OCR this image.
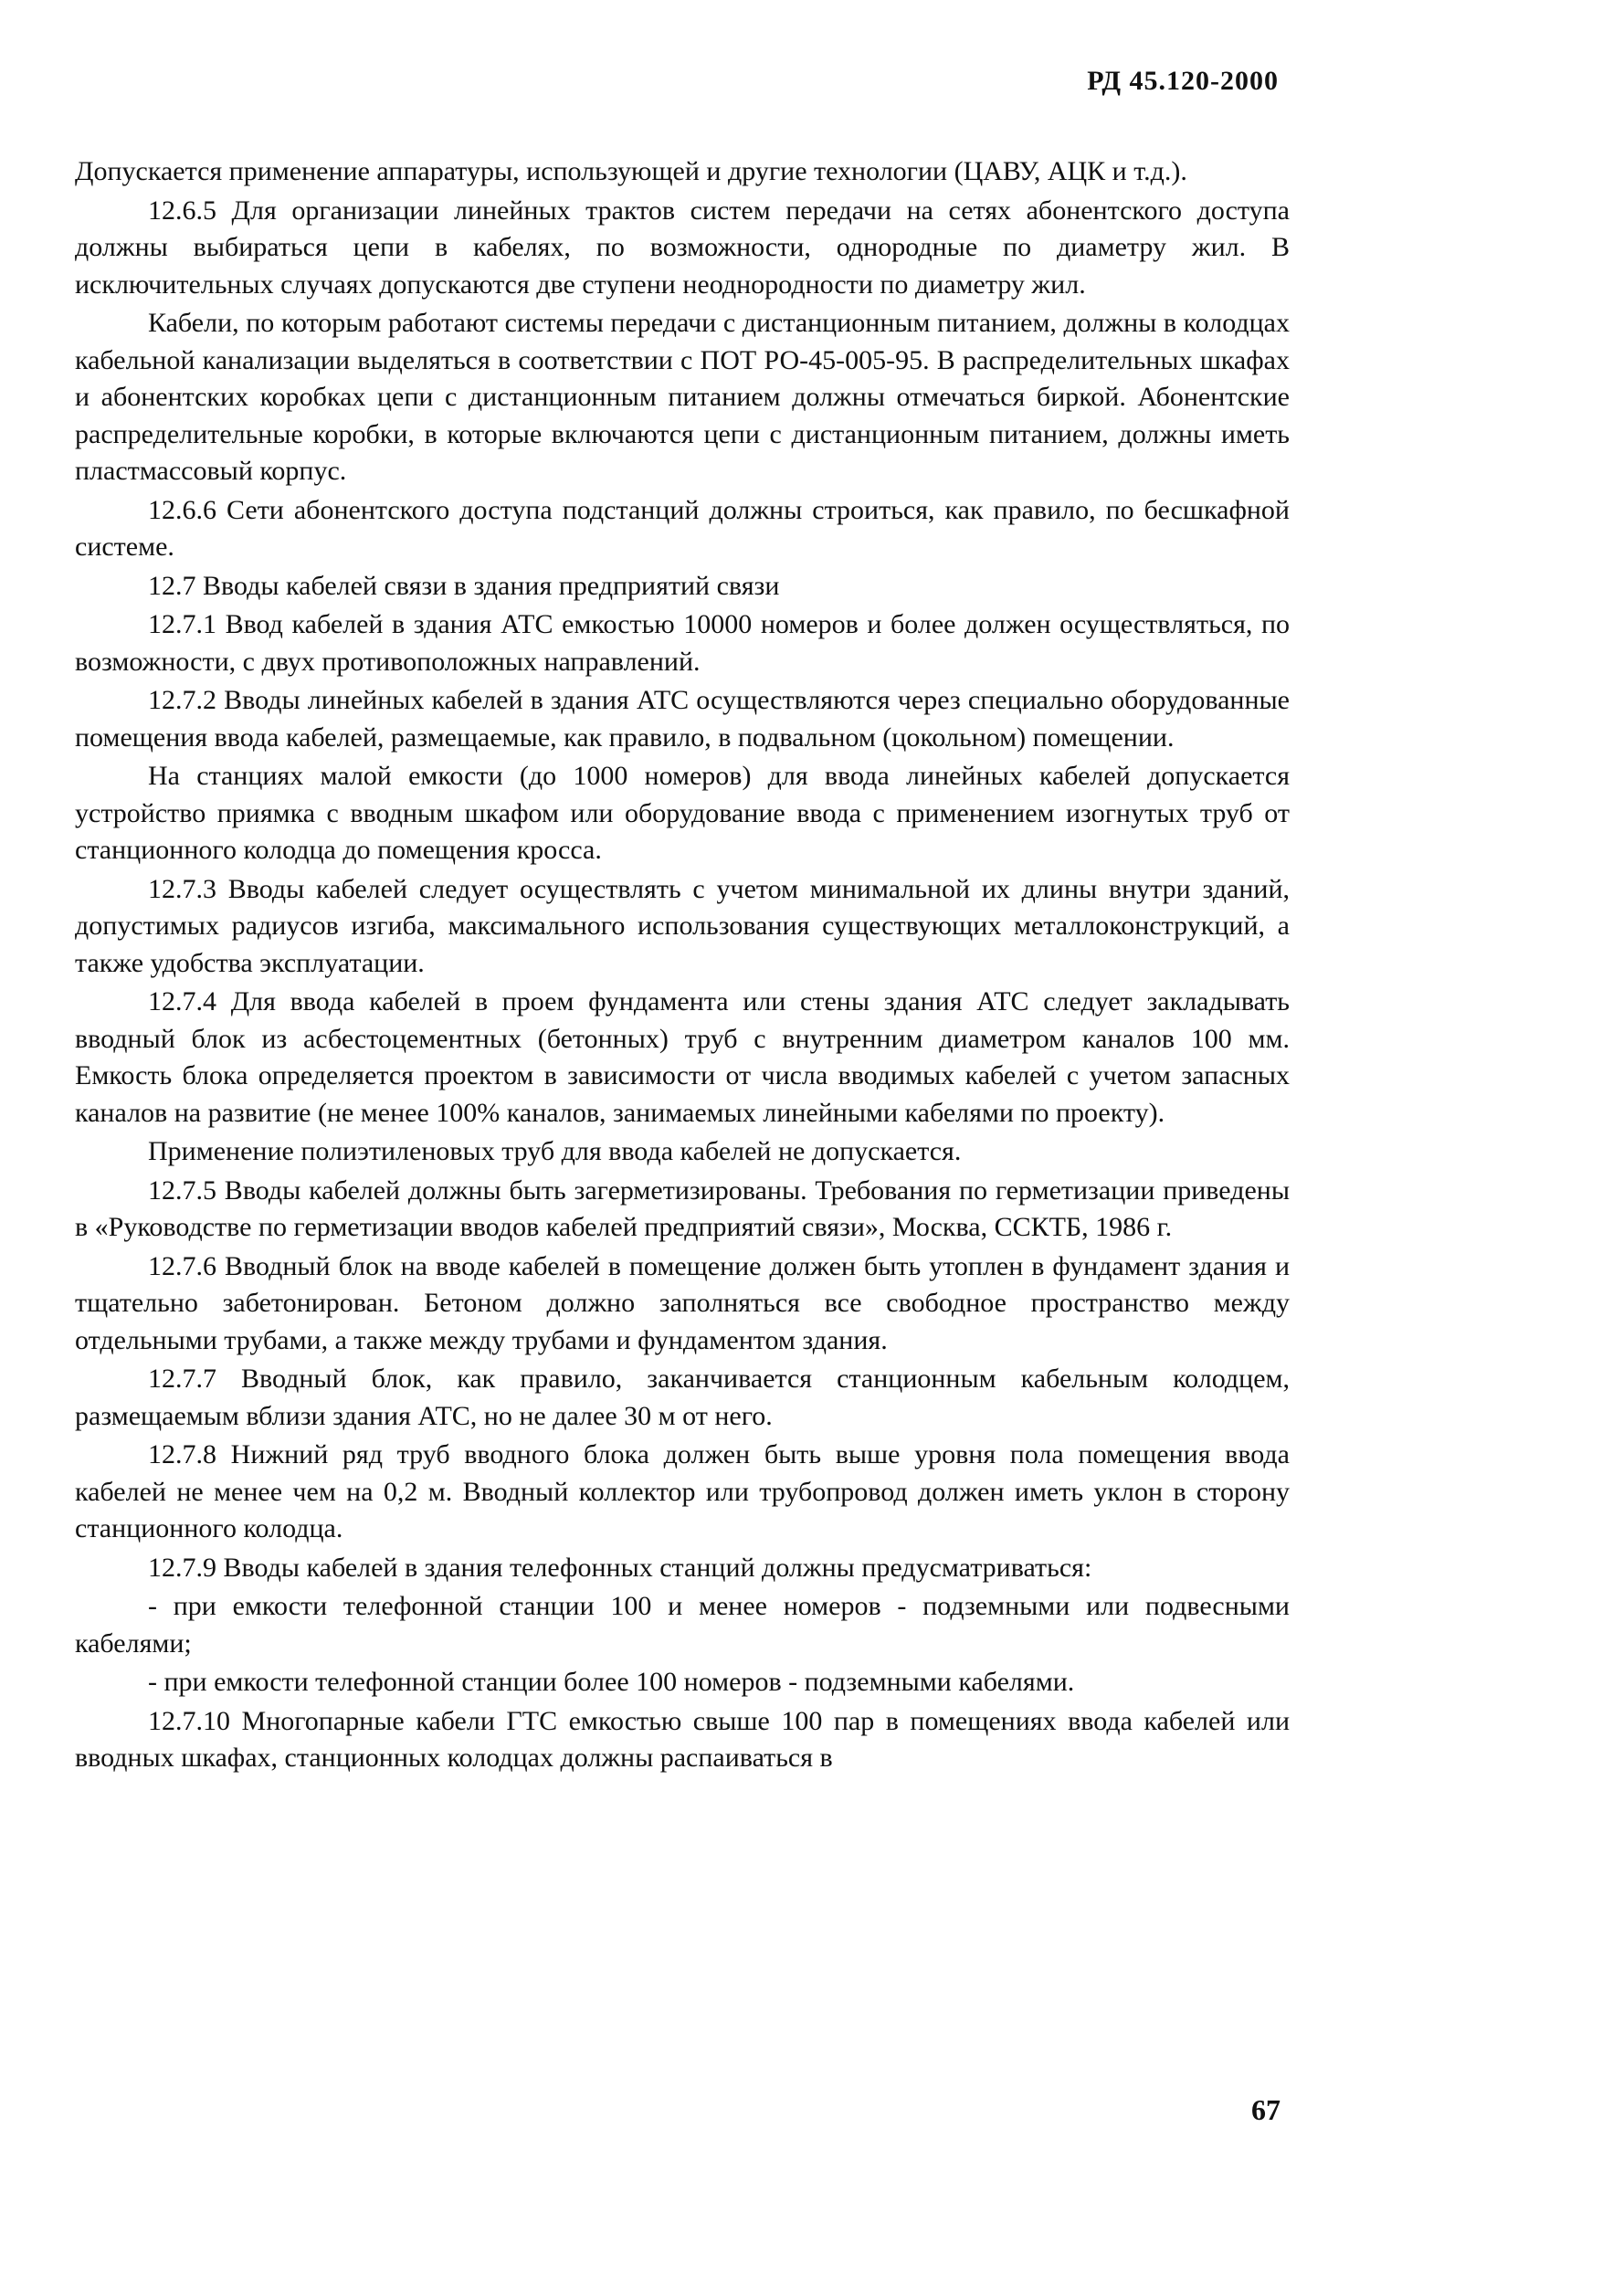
РД 45.120-2000

Допускается применение аппаратуры, использующей и другие технологии (ЦАВУ, АЦК и т.д.).

12.6.5 Для организации линейных трактов систем передачи на сетях абонентского доступа должны выбираться цепи в кабелях, по возможности, однородные по диаметру жил. В исключительных случаях допускаются две ступени неоднородности по диаметру жил.

Кабели, по которым работают системы передачи с дистанционным питанием, должны в колодцах кабельной канализации выделяться в соответствии с ПОТ РО-45-005-95. В распределительных шкафах и абонентских коробках цепи с дистанционным питанием должны отмечаться биркой. Абонентские распределительные коробки, в которые включаются цепи с дистанционным питанием, должны иметь пластмассовый корпус.

12.6.6 Сети абонентского доступа подстанций должны строиться, как правило, по бесшкафной системе.

12.7 Вводы кабелей связи в здания предприятий связи

12.7.1 Ввод кабелей в здания АТС емкостью 10000 номеров и более должен осуществляться, по возможности, с двух противоположных направлений.

12.7.2 Вводы линейных кабелей в здания АТС осуществляются через специально оборудованные помещения ввода кабелей, размещаемые, как правило, в подвальном (цокольном) помещении.

На станциях малой емкости (до 1000 номеров) для ввода линейных кабелей допускается устройство приямка с вводным шкафом или оборудование ввода с применением изогнутых труб от станционного колодца до помещения кросса.

12.7.3 Вводы кабелей следует осуществлять с учетом минимальной их длины внутри зданий, допустимых радиусов изгиба, максимального использования существующих металлоконструкций, а также удобства эксплуатации.

12.7.4 Для ввода кабелей в проем фундамента или стены здания АТС следует закладывать вводный блок из асбестоцементных (бетонных) труб с внутренним диаметром каналов 100 мм. Емкость блока определяется проектом в зависимости от числа вводимых кабелей с учетом запасных каналов на развитие (не менее 100% каналов, занимаемых линейными кабелями по проекту).

Применение полиэтиленовых труб для ввода кабелей не допускается.

12.7.5 Вводы кабелей должны быть загерметизированы. Требования по герметизации приведены в «Руководстве по герметизации вводов кабелей предприятий связи», Москва, ССКТБ, 1986 г.

12.7.6 Вводный блок на вводе кабелей в помещение должен быть утоплен в фундамент здания и тщательно забетонирован. Бетоном должно заполняться все свободное пространство между отдельными трубами, а также между трубами и фундаментом здания.

12.7.7 Вводный блок, как правило, заканчивается станционным кабельным колодцем, размещаемым вблизи здания АТС, но не далее 30 м от него.

12.7.8 Нижний ряд труб вводного блока должен быть выше уровня пола помещения ввода кабелей не менее чем на 0,2 м. Вводный коллектор или трубопровод должен иметь уклон в сторону станционного колодца.

12.7.9 Вводы кабелей в здания телефонных станций должны предусматриваться:

- при емкости телефонной станции 100 и менее номеров - подземными или подвесными кабелями;

- при емкости телефонной станции более 100 номеров - подземными кабелями.

12.7.10 Многопарные кабели ГТС емкостью свыше 100 пар в помещениях ввода кабелей или вводных шкафах, станционных колодцах должны распаиваться в

67
